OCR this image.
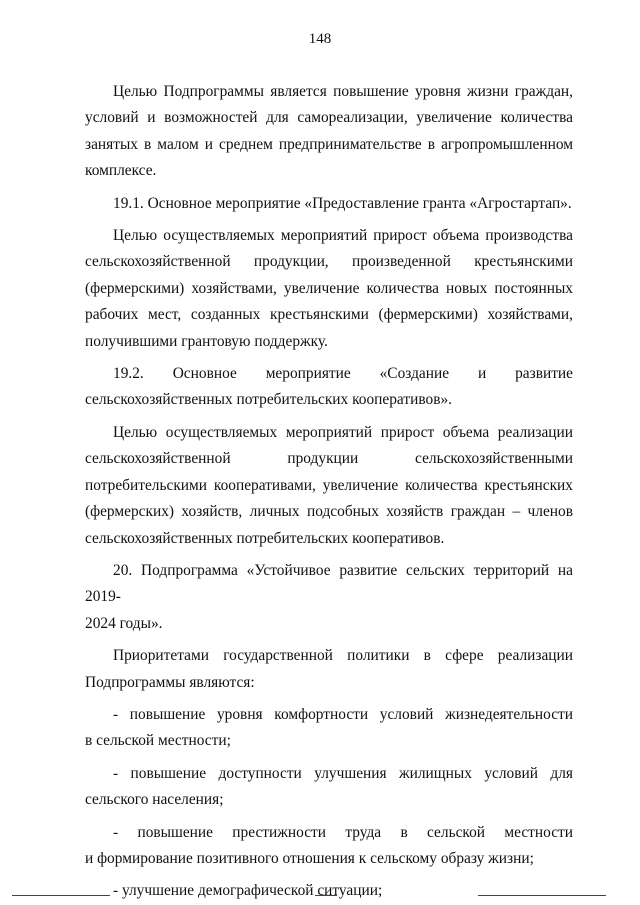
148

Целью Подпрограммы является повышение уровня жизни граждан,
условий и возможностей для самореализации, увеличение количества
занятых в малом и среднем предпринимательстве в агропромышленном
комплексе.

19.1. Основное мероприятие «Предоставление гранта «Агростартап».

Целью осуществляемых мероприятий прирост объема производства
сельскохозяйственной продукции, произведенной крестьянскими
(фермерскими) хозяйствами, увеличение количества новых постоянных
рабочих мест, созданных крестьянскими (фермерскими) хозяйствами,
получившими грантовую поддержку.

19.2. Основное мероприятие «Создание и развитие
сельскохозяйственных потребительских кооперативов».

Целью осуществляемых мероприятий прирост объема реализации
сельскохозяйственной продукции сельскохозяйственными
потребительскими кооперативами, увеличение количества крестьянских
(фермерских) хозяйств, личных подсобных хозяйств граждан – членов
сельскохозяйственных потребительских кооперативов.

20. Подпрограмма «Устойчивое развитие сельских территорий на 2019-
2024 годы».

Приоритетами государственной политики в сфере реализации
Подпрограммы являются:

- повышение уровня комфортности условий жизнедеятельности
в сельской местности;

- повышение доступности улучшения жилищных условий для
сельского населения;

- повышение престижности труда в сельской местности
и формирование позитивного отношения к сельскому образу жизни;

- улучшение демографической ситуации;
